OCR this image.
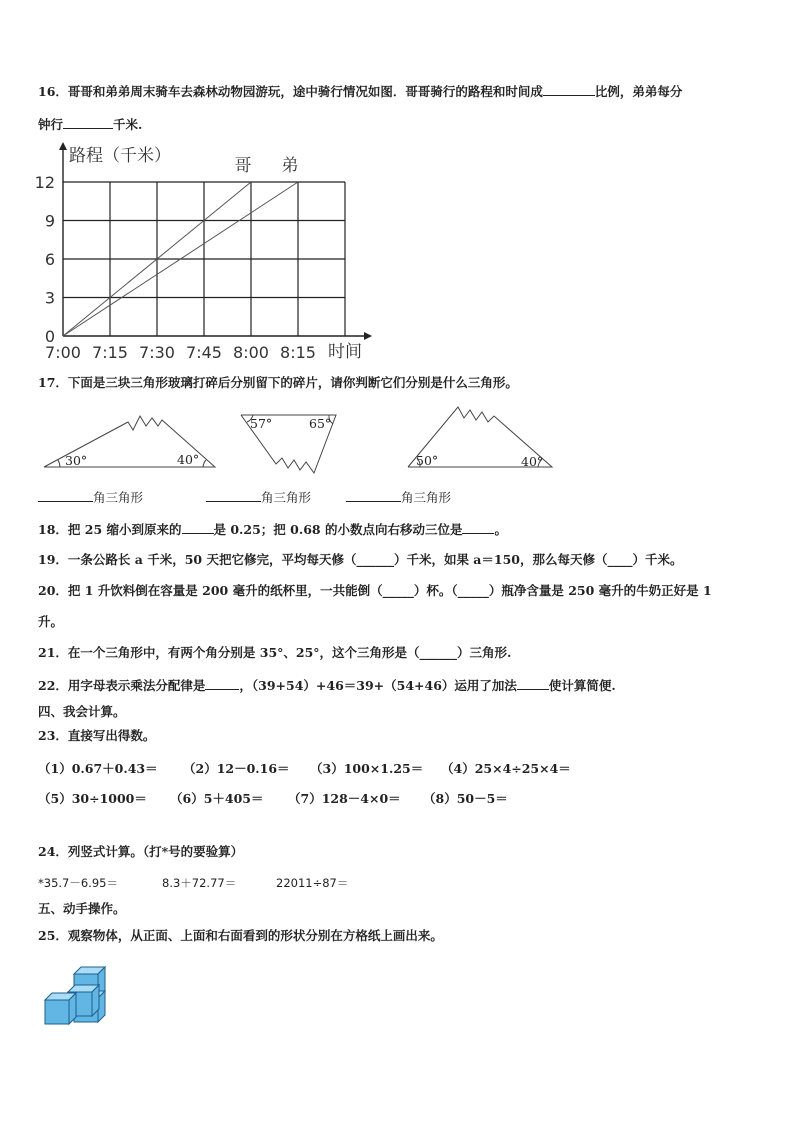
16．哥哥和弟弟周末骑车去森林动物园游玩，途中骑行情况如图．哥哥骑行的路程和时间成	比例，弟弟每分
钟行	千米.
0
3
6
9
12
7:00 7:15 7:30 7:45 8:00 8:15
路程（千米）
时间
哥 弟
17．下面是三块三角形玻璃打碎后分别留下的碎片，请你判断它们分别是什么三角形。
30°	40°
57°	65°
50°	40°
角三角形	角三角形	角三角形
18．把 25 缩小到原来的	是 0.25；把 0.68 的小数点向右移动三位是	。
19．一条公路长 a 千米，50 天把它修完，平均每天修（______）千米，如果 a＝150，那么每天修（____）千米。
20．把 1 升饮料倒在容量是 200 毫升的纸杯里，一共能倒（_____）杯。（_____）瓶净含量是 250 毫升的牛奶正好是 1
升。
21．在一个三角形中，有两个角分别是 35°、25°，这个三角形是（______）三角形.
22．用字母表示乘法分配律是	，（39+54）+46＝39+（54+46）运用了加法	使计算简便.
四、我会计算。
23．直接写出得数。
（1）0.67＋0.43＝ （2）12－0.16＝ （3）100×1.25＝ （4）25×4÷25×4＝
（5）30÷1000＝ （6）5＋405＝ （7）128－4×0＝ （8）50－5＝
24．列竖式计算。（打*号的要验算）
*35.7－6.95＝	8.3＋72.77＝	22011÷87＝
五、动手操作。
25．观察物体，从正面、上面和右面看到的形状分别在方格纸上画出来。
